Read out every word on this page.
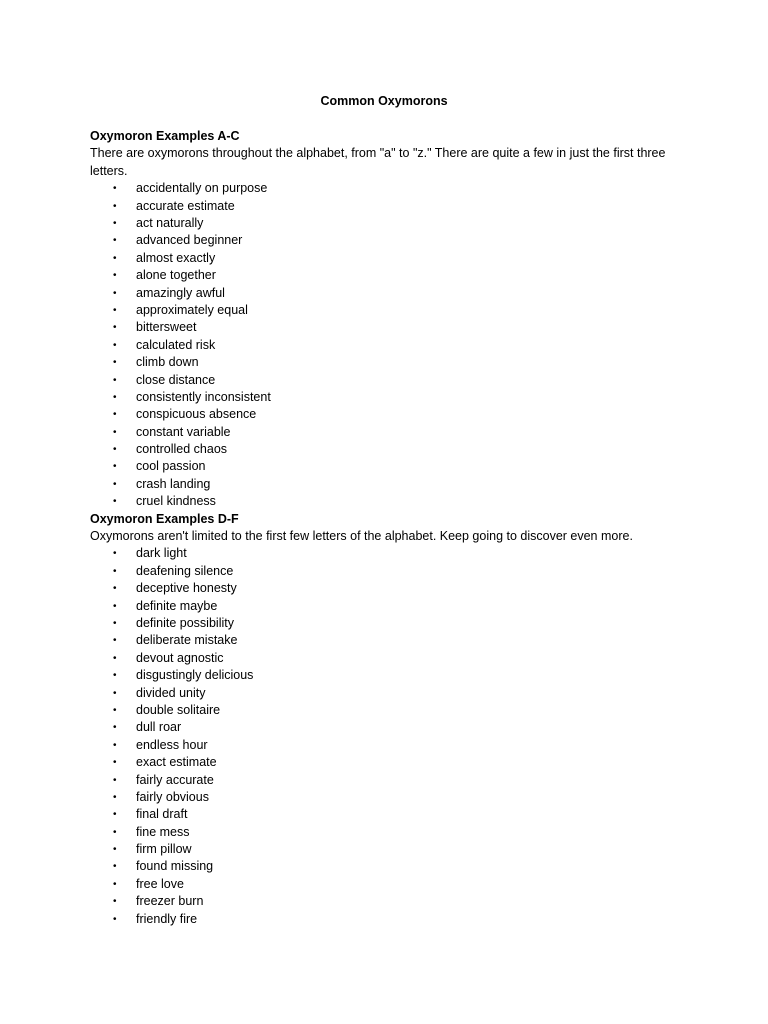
Common Oxymorons

Oxymoron Examples A-C

There are oxymorons throughout the alphabet, from "a" to "z." There are quite a few in just the first three letters.

• accidentally on purpose
• accurate estimate
• act naturally
• advanced beginner
• almost exactly
• alone together
• amazingly awful
• approximately equal
• bittersweet
• calculated risk
• climb down
• close distance
• consistently inconsistent
• conspicuous absence
• constant variable
• controlled chaos
• cool passion
• crash landing
• cruel kindness

Oxymoron Examples D-F

Oxymorons aren't limited to the first few letters of the alphabet. Keep going to discover even more.

• dark light
• deafening silence
• deceptive honesty
• definite maybe
• definite possibility
• deliberate mistake
• devout agnostic
• disgustingly delicious
• divided unity
• double solitaire
• dull roar
• endless hour
• exact estimate
• fairly accurate
• fairly obvious
• final draft
• fine mess
• firm pillow
• found missing
• free love
• freezer burn
• friendly fire
